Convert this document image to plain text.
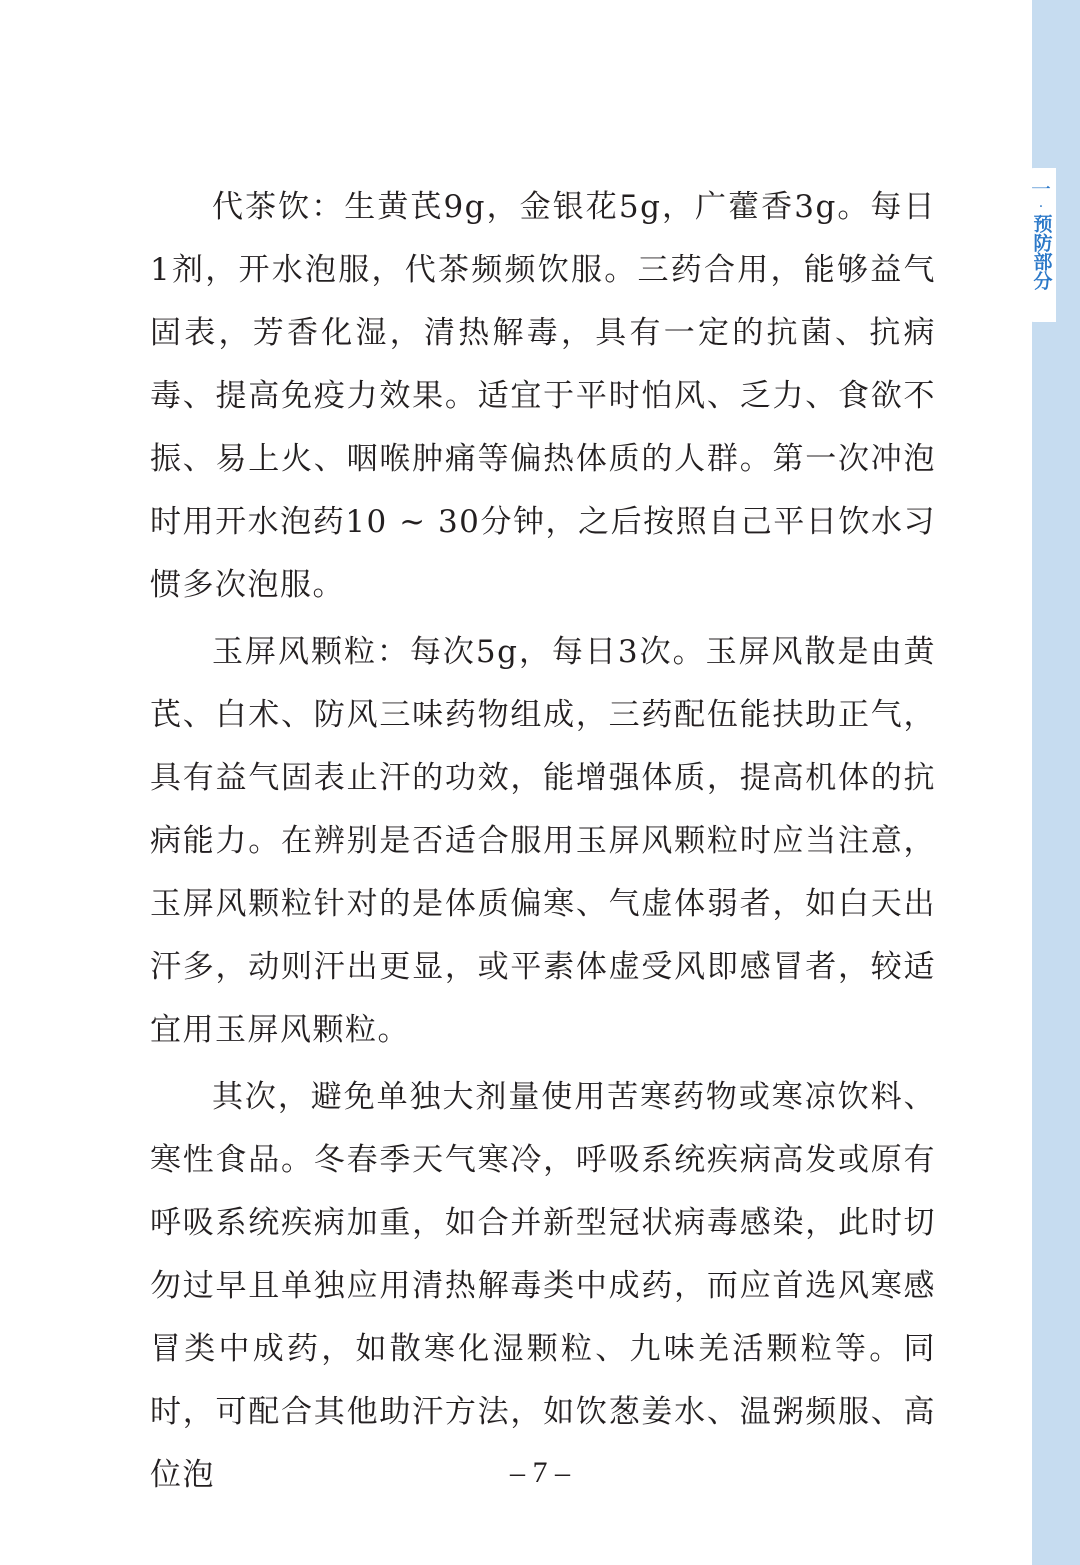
一
·
预防部分

代茶饮：生黄芪9g，金银花5g，广藿香3g。每日1剂，开水泡服，代茶频频饮服。三药合用，能够益气固表，芳香化湿，清热解毒，具有一定的抗菌、抗病毒、提高免疫力效果。适宜于平时怕风、乏力、食欲不振、易上火、咽喉肿痛等偏热体质的人群。第一次冲泡时用开水泡药10 ~ 30分钟，之后按照自己平日饮水习惯多次泡服。

玉屏风颗粒：每次5g，每日3次。玉屏风散是由黄芪、白术、防风三味药物组成，三药配伍能扶助正气，具有益气固表止汗的功效，能增强体质，提高机体的抗病能力。在辨别是否适合服用玉屏风颗粒时应当注意，玉屏风颗粒针对的是体质偏寒、气虚体弱者，如白天出汗多，动则汗出更显，或平素体虚受风即感冒者，较适宜用玉屏风颗粒。

其次，避免单独大剂量使用苦寒药物或寒凉饮料、寒性食品。冬春季天气寒冷，呼吸系统疾病高发或原有呼吸系统疾病加重，如合并新型冠状病毒感染，此时切勿过早且单独应用清热解毒类中成药，而应首选风寒感冒类中成药，如散寒化湿颗粒、九味羌活颗粒等。同时，可配合其他助汗方法，如饮葱姜水、温粥频服、高位泡	– 7 –
